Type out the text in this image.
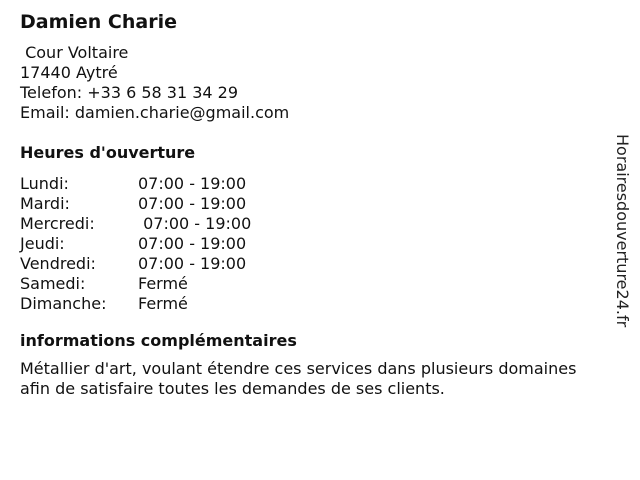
Damien Charie
Cour Voltaire
17440 Aytré
Telefon: +33 6 58 31 34 29
Email: damien.charie@gmail.com
Heures d'ouverture
Lundi:	07:00 - 19:00
Mardi:	07:00 - 19:00
Mercredi:	07:00 - 19:00
Jeudi:	07:00 - 19:00
Vendredi:	07:00 - 19:00
Samedi:	Fermé
Dimanche: Fermé
informations complémentaires
Métallier d'art, voulant étendre ces services dans plusieurs domaines afin de satisfaire toutes les demandes de ses clients.
Horairesdouverture24.fr
